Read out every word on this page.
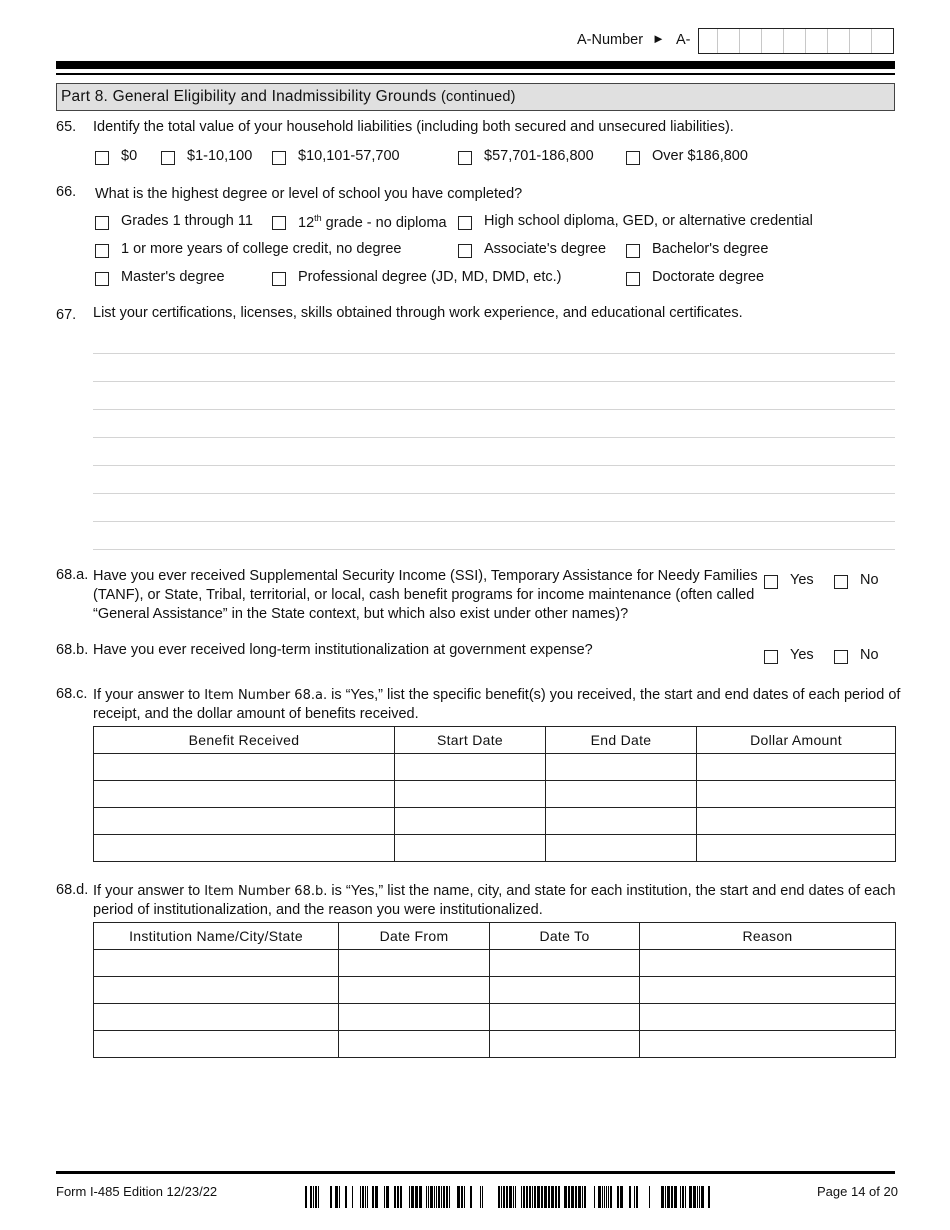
A-Number ► A-
Part 8. General Eligibility and Inadmissibility Grounds (continued)
65. Identify the total value of your household liabilities (including both secured and unsecured liabilities).
$0	$1-10,100	$10,101-57,700	$57,701-186,800	Over $186,800
66. What is the highest degree or level of school you have completed?
Grades 1 through 11	12th grade - no diploma	High school diploma, GED, or alternative credential
1 or more years of college credit, no degree	Associate's degree	Bachelor's degree
Master's degree	Professional degree (JD, MD, DMD, etc.)	Doctorate degree
67. List your certifications, licenses, skills obtained through work experience, and educational certificates.
68.a. Have you ever received Supplemental Security Income (SSI), Temporary Assistance for Needy Families
(TANF), or State, Tribal, territorial, or local, cash benefit programs for income maintenance (often called
“General Assistance” in the State context, but which also exist under other names)?
Yes	No
68.b. Have you ever received long-term institutionalization at government expense?	Yes	No
68.c. If your answer to Item Number 68.a. is “Yes,” list the specific benefit(s) you received, the start and end dates of each period of
receipt, and the dollar amount of benefits received.
Benefit Received	Start Date	End Date	Dollar Amount

68.d. If your answer to Item Number 68.b. is “Yes,” list the name, city, and state for each institution, the start and end dates of each
period of institutionalization, and the reason you were institutionalized.
Institution Name/City/State	Date From	Date To	Reason

Form I-485 Edition 12/23/22	Page 14 of 20
